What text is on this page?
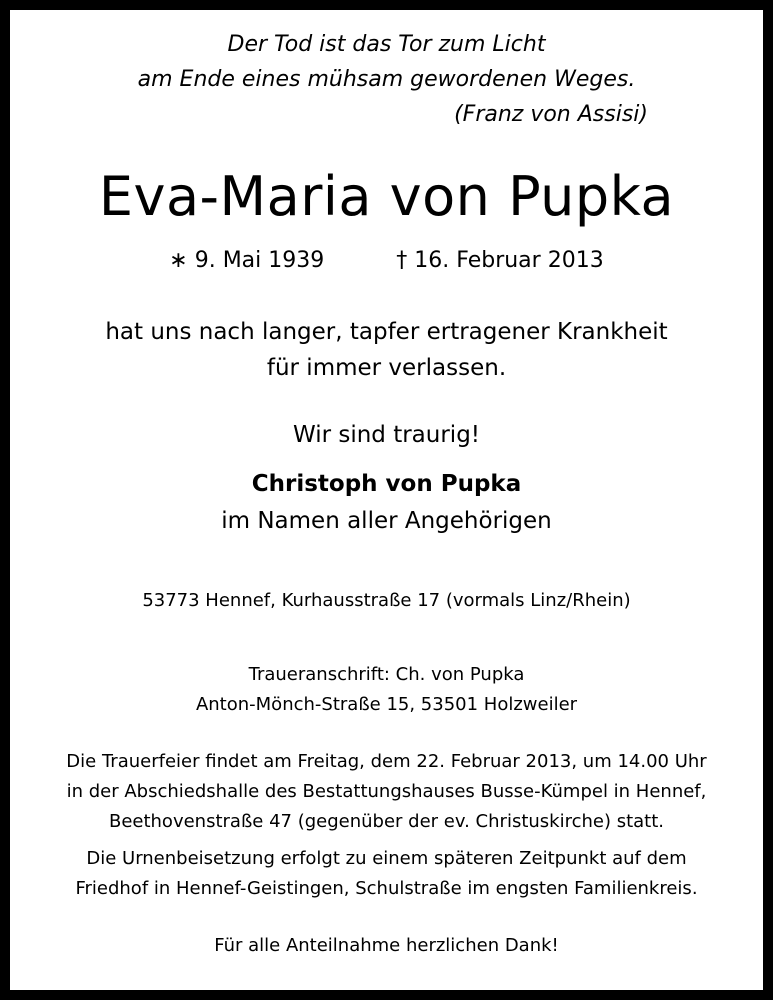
Der Tod ist das Tor zum Licht
am Ende eines mühsam gewordenen Weges.
(Franz von Assisi)
Eva-Maria von Pupka
∗ 9. Mai 1939	† 16. Februar 2013
hat uns nach langer, tapfer ertragener Krankheit
für immer verlassen.
Wir sind traurig!
Christoph von Pupka
im Namen aller Angehörigen
53773 Hennef, Kurhausstraße 17 (vormals Linz/Rhein)
Traueranschrift: Ch. von Pupka
Anton-Mönch-Straße 15, 53501 Holzweiler
Die Trauerfeier findet am Freitag, dem 22. Februar 2013, um 14.00 Uhr
in der Abschiedshalle des Bestattungshauses Busse-Kümpel in Hennef,
Beethovenstraße 47 (gegenüber der ev. Christuskirche) statt.
Die Urnenbeisetzung erfolgt zu einem späteren Zeitpunkt auf dem
Friedhof in Hennef-Geistingen, Schulstraße im engsten Familienkreis.
Für alle Anteilnahme herzlichen Dank!
